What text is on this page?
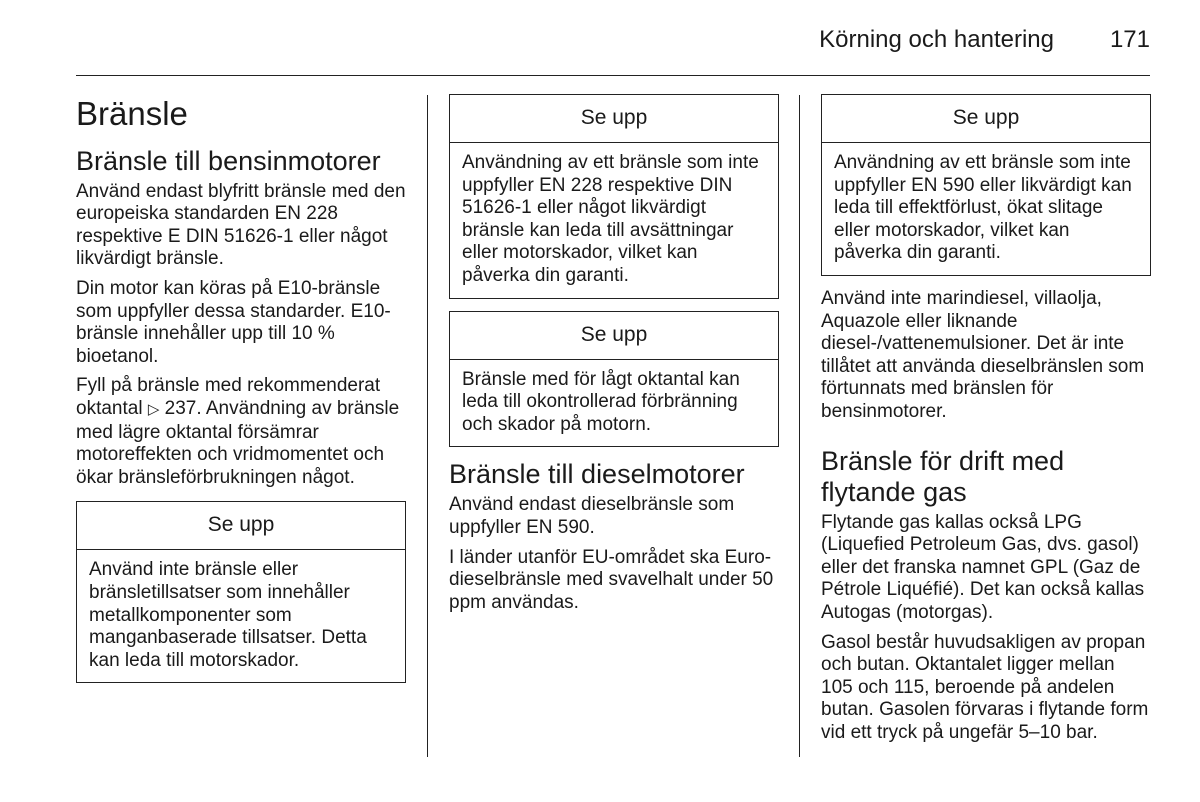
Körning och hantering 171
Bränsle
Bränsle till bensinmotorer

Använd endast blyfritt bränsle med den europeiska standarden EN 228 respektive E DIN 51626-1 eller något likvärdigt bränsle.

Din motor kan köras på E10-bränsle som uppfyller dessa standarder. E10-bränsle innehåller upp till 10 % bioetanol.

Fyll på bränsle med rekommenderat oktantal ▷ 237. Användning av bränsle med lägre oktantal försämrar motoreffekten och vridmomentet och ökar bränsleförbrukningen något.

Se upp
Använd inte bränsle eller bränsletillsatser som innehåller metallkomponenter som manganbaserade tillsatser. Detta kan leda till motorskador.
Se upp
Användning av ett bränsle som inte uppfyller EN 228 respektive DIN 51626-1 eller något likvärdigt bränsle kan leda till avsättningar eller motorskador, vilket kan påverka din garanti.
Se upp
Bränsle med för lågt oktantal kan leda till okontrollerad förbränning och skador på motorn.
Bränsle till dieselmotorer

Använd endast dieselbränsle som uppfyller EN 590.

I länder utanför EU-området ska Euro-dieselbränsle med svavelhalt under 50 ppm användas.

Se upp
Användning av ett bränsle som inte uppfyller EN 590 eller likvärdigt kan leda till effektförlust, ökat slitage eller motorskador, vilket kan påverka din garanti.

Använd inte marindiesel, villaolja, Aquazole eller liknande diesel-/vattenemulsioner. Det är inte tillåtet att använda dieselbränslen som förtunnats med bränslen för bensinmotorer.

Bränsle för drift med flytande gas

Flytande gas kallas också LPG (Liquefied Petroleum Gas, dvs. gasol) eller det franska namnet GPL (Gaz de Pétrole Liquéfié). Det kan också kallas Autogas (motorgas).

Gasol består huvudsakligen av propan och butan. Oktantalet ligger mellan 105 och 115, beroende på andelen butan. Gasolen förvaras i flytande form vid ett tryck på ungefär 5–10 bar.
